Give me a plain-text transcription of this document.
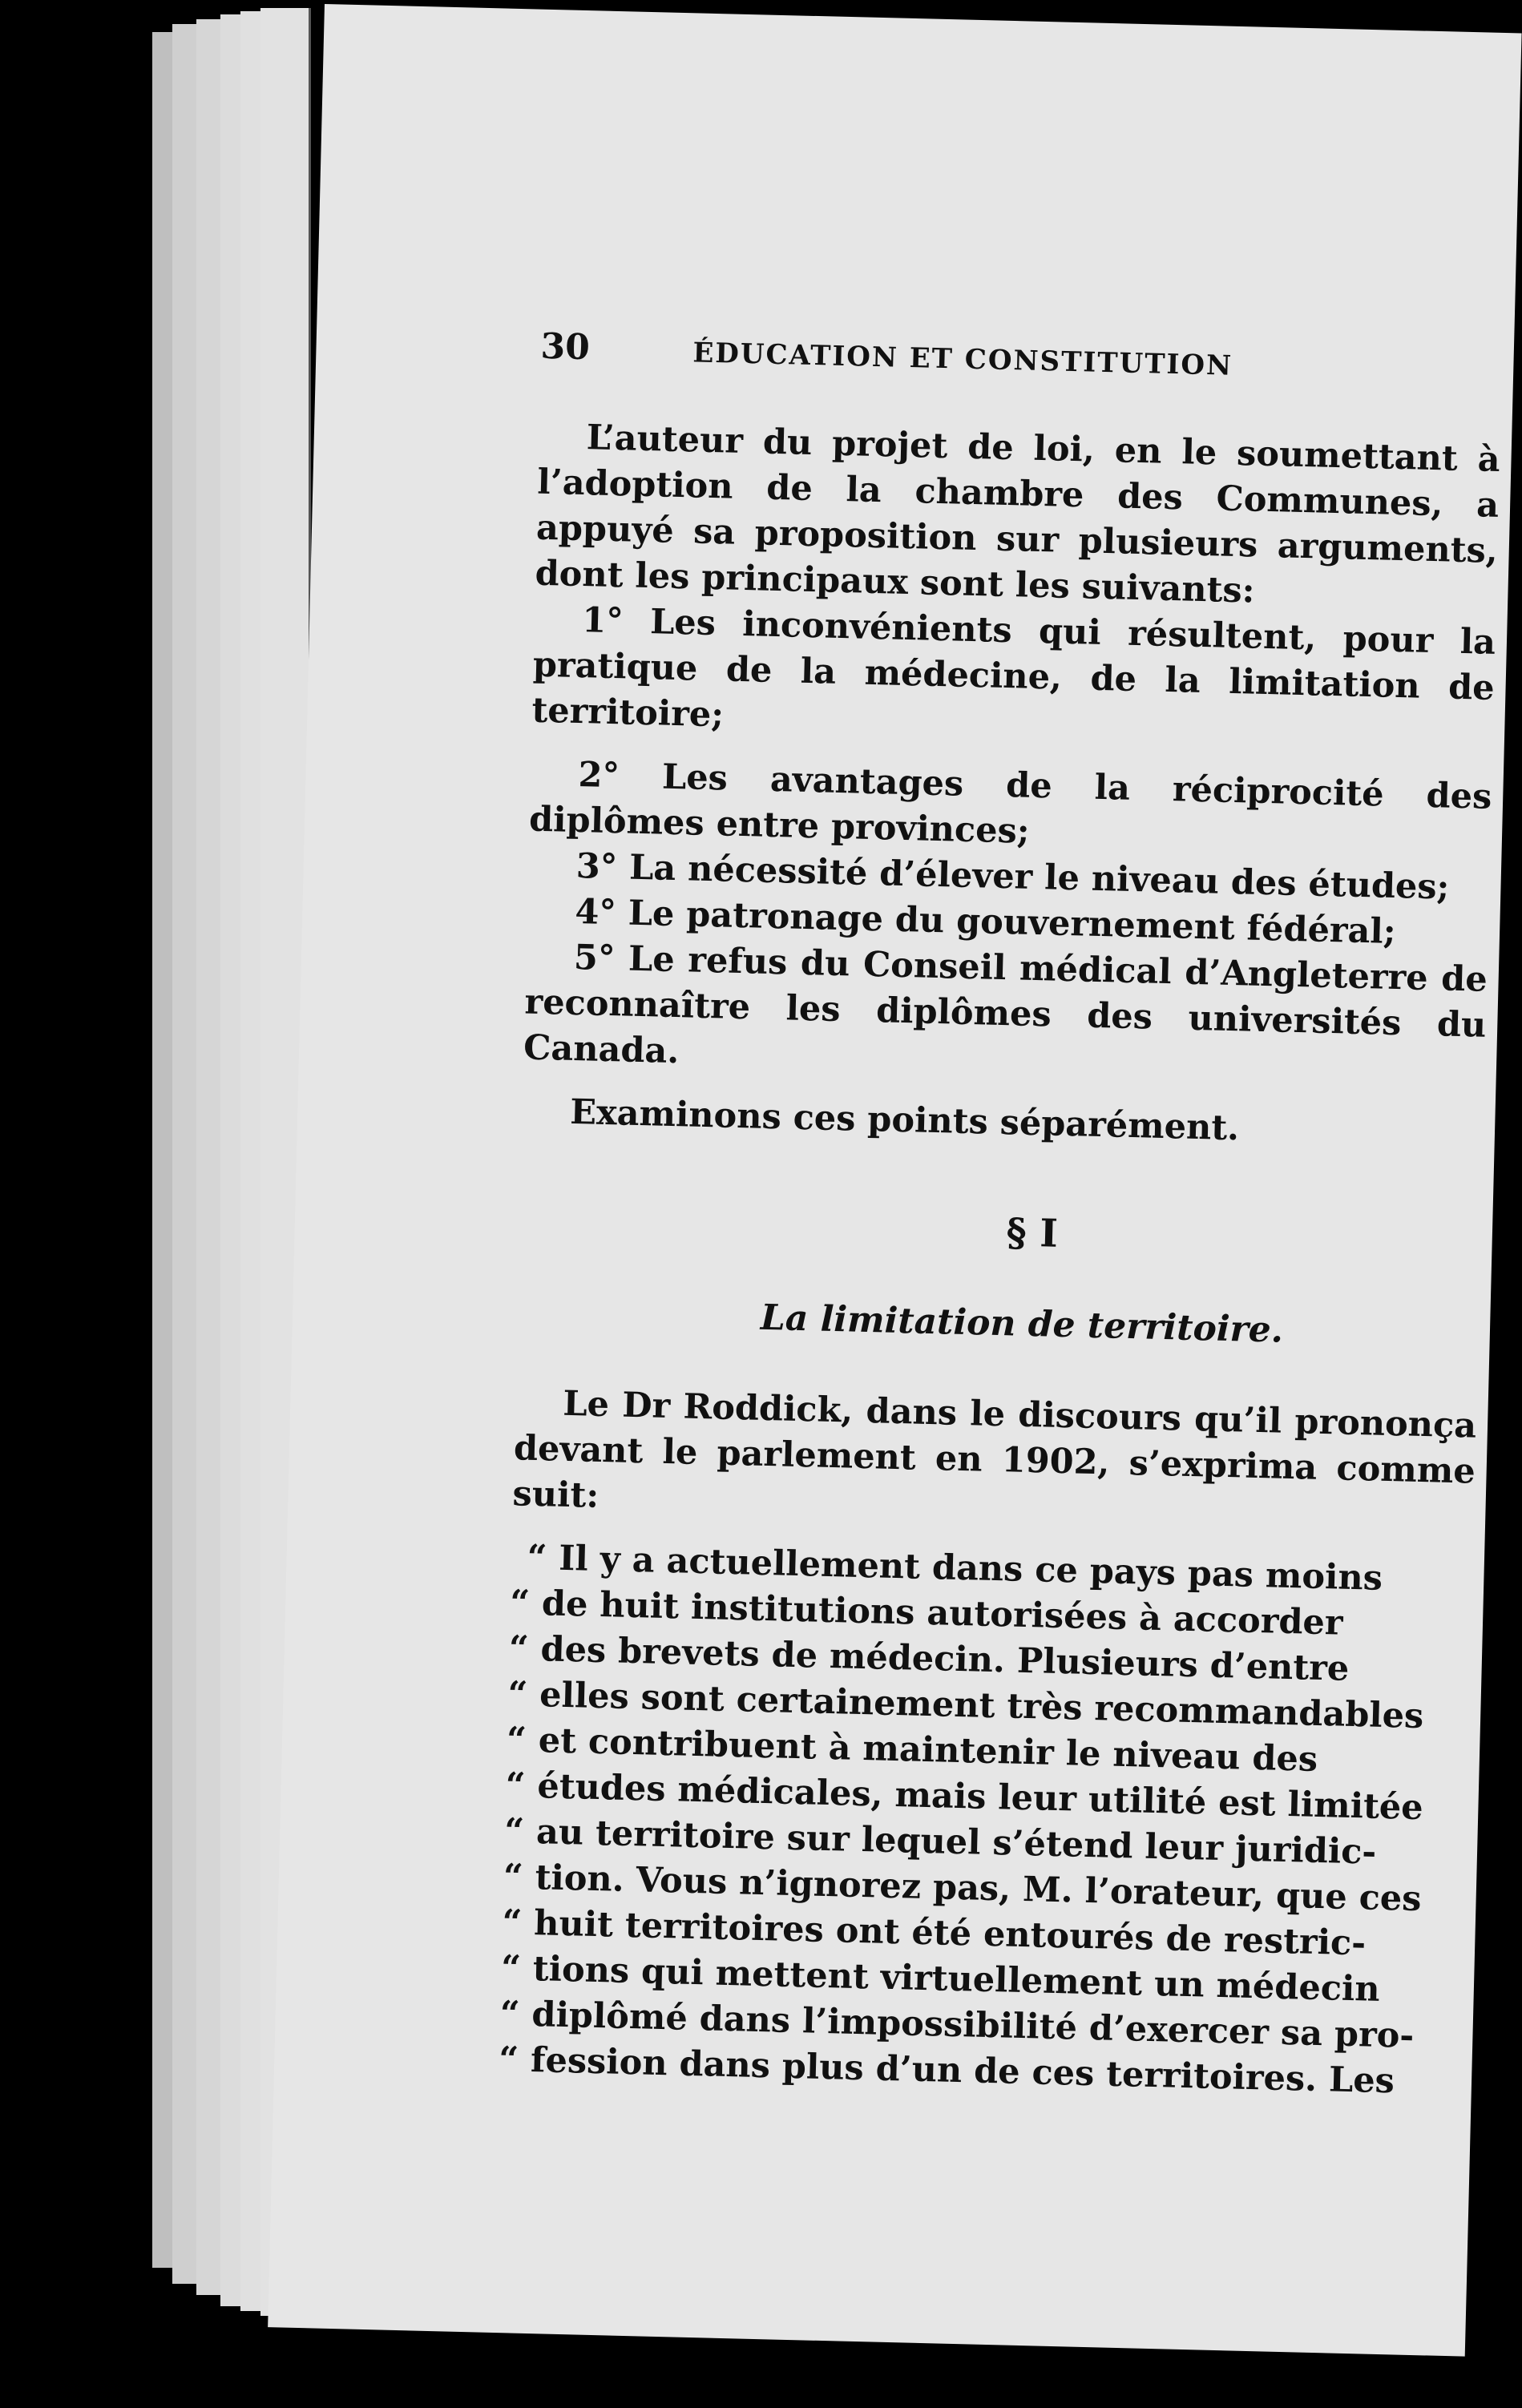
30	ÉDUCATION ET CONSTITUTION

L’auteur du projet de loi, en le soumettant à l’adoption de la chambre des Communes, a appuyé sa proposition sur plusieurs arguments, dont les principaux sont les suivants:

1° Les inconvénients qui résultent, pour la pratique de la médecine, de la limitation de territoire;

2° Les avantages de la réciprocité des diplômes entre provinces;

3° La nécessité d’élever le niveau des études;

4° Le patronage du gouvernement fédéral;

5° Le refus du Conseil médical d’Angleterre de reconnaître les diplômes des universités du Canada.

Examinons ces points séparément.

§ I
La limitation de territoire.

Le Dr Roddick, dans le discours qu’il prononça devant le parlement en 1902, s’exprima comme suit:

“ Il y a actuellement dans ce pays pas moins

“ de huit institutions autorisées à accorder

“ des brevets de médecin. Plusieurs d’entre

“ elles sont certainement très recommandables

“ et contribuent à maintenir le niveau des

“ études médicales, mais leur utilité est limitée

“ au territoire sur lequel s’étend leur juridic-

“ tion. Vous n’ignorez pas, M. l’orateur, que ces

“ huit territoires ont été entourés de restric-

“ tions qui mettent virtuellement un médecin

“ diplômé dans l’impossibilité d’exercer sa pro-

“ fession dans plus d’un de ces territoires. Les
